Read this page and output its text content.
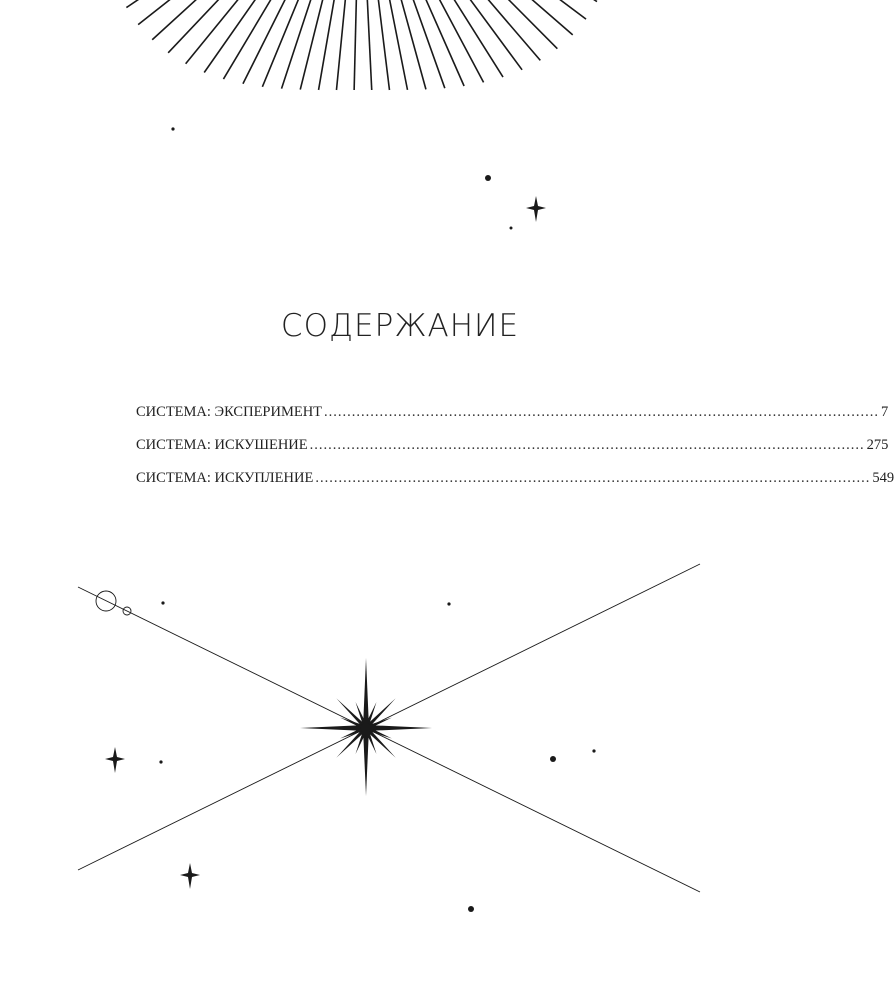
СОДЕРЖАНИЕ
СИСТЕМА: ЭКСПЕРИМЕНТ ........................................................................................................................ 7
СИСТЕМА: ИСКУШЕНИЕ ........................................................................................................................ 275
СИСТЕМА: ИСКУПЛЕНИЕ ........................................................................................................................ 549
